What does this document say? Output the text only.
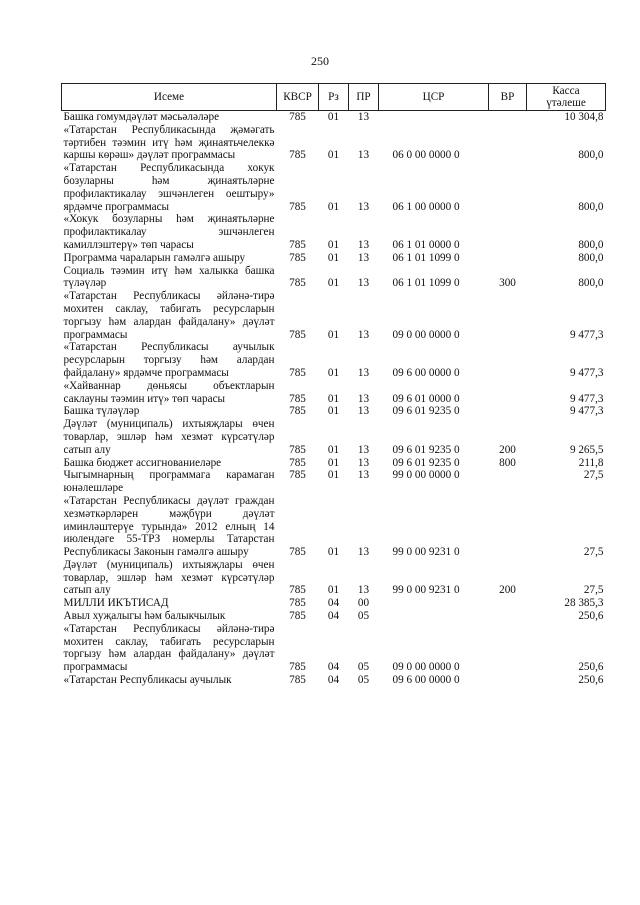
250
Исеме	КВСР	Рз	ПР	ЦСР	ВР	Касса
үтәлеше

Башка гомумдәүләт мәсьәләләре	785	01	13			10 304,8
«Татарстан Республикасында җәмәгать тәртибен тәэмин итү һәм җинаятьчелеккә каршы көрәш» дәүләт программасы	785	01	13	06 0 00 0000 0		800,0
«Татарстан Республикасында хокук бозуларны һәм җинаятьләрне профилактикалау эшчәнлеген оештыру» ярдәмче программасы	785	01	13	06 1 00 0000 0		800,0
«Хокук бозуларны һәм җинаятьләрне профилактикалау эшчәнлеген камиллэштерү» төп чарасы	785	01	13	06 1 01 0000 0		800,0
Программа чараларын гамәлгә ашыру	785	01	13	06 1 01 1099 0		800,0
Социаль тәэмин итү һәм халыкка башка түләүләр	785	01	13	06 1 01 1099 0	300	800,0
«Татарстан Республикасы әйләнә-тирә мохитен саклау, табигать ресурсларын торгызу һәм алардан файдалану» дәүләт программасы	785	01	13	09 0 00 0000 0		9 477,3
«Татарстан Республикасы аучылык ресурсларын торгызу һәм алардан файдалану» ярдәмче программасы	785	01	13	09 6 00 0000 0		9 477,3
«Хайваннар дөньясы объектларын саклауны тәэмин итү» төп чарасы	785	01	13	09 6 01 0000 0		9 477,3
Башка түләүләр	785	01	13	09 6 01 9235 0		9 477,3
Дәүләт (муниципаль) ихтыяҗлары өчен товарлар, эшләр һәм хезмәт күрсәтүләр сатып алу	785	01	13	09 6 01 9235 0	200	9 265,5
Башка бюджет ассигнованиеләре	785	01	13	09 6 01 9235 0	800	211,8
Чыгымнарның программага карамаган юнәлешләре	785	01	13	99 0 00 0000 0		27,5
«Татарстан Республикасы дәүләт граждан хезмәткәрләрен мәҗбүри дәүләт иминләштерүе турында» 2012 елның 14 июлендәге 55-ТРЗ номерлы Татарстан Республикасы Законын гамәлгә ашыру	785	01	13	99 0 00 9231 0		27,5
Дәүләт (муниципаль) ихтыяҗлары өчен товарлар, эшләр һәм хезмәт күрсәтүләр сатып алу	785	01	13	99 0 00 9231 0	200	27,5
МИЛЛИ ИКЪТИСАД	785	04	00			28 385,3
Авыл хуҗалыгы һәм балыкчылык	785	04	05			250,6
«Татарстан Республикасы әйләнә-тирә мохитен саклау, табигать ресурсларын торгызу һәм алардан файдалану» дәүләт программасы	785	04	05	09 0 00 0000 0		250,6
«Татарстан Республикасы аучылык	785	04	05	09 6 00 0000 0		250,6
